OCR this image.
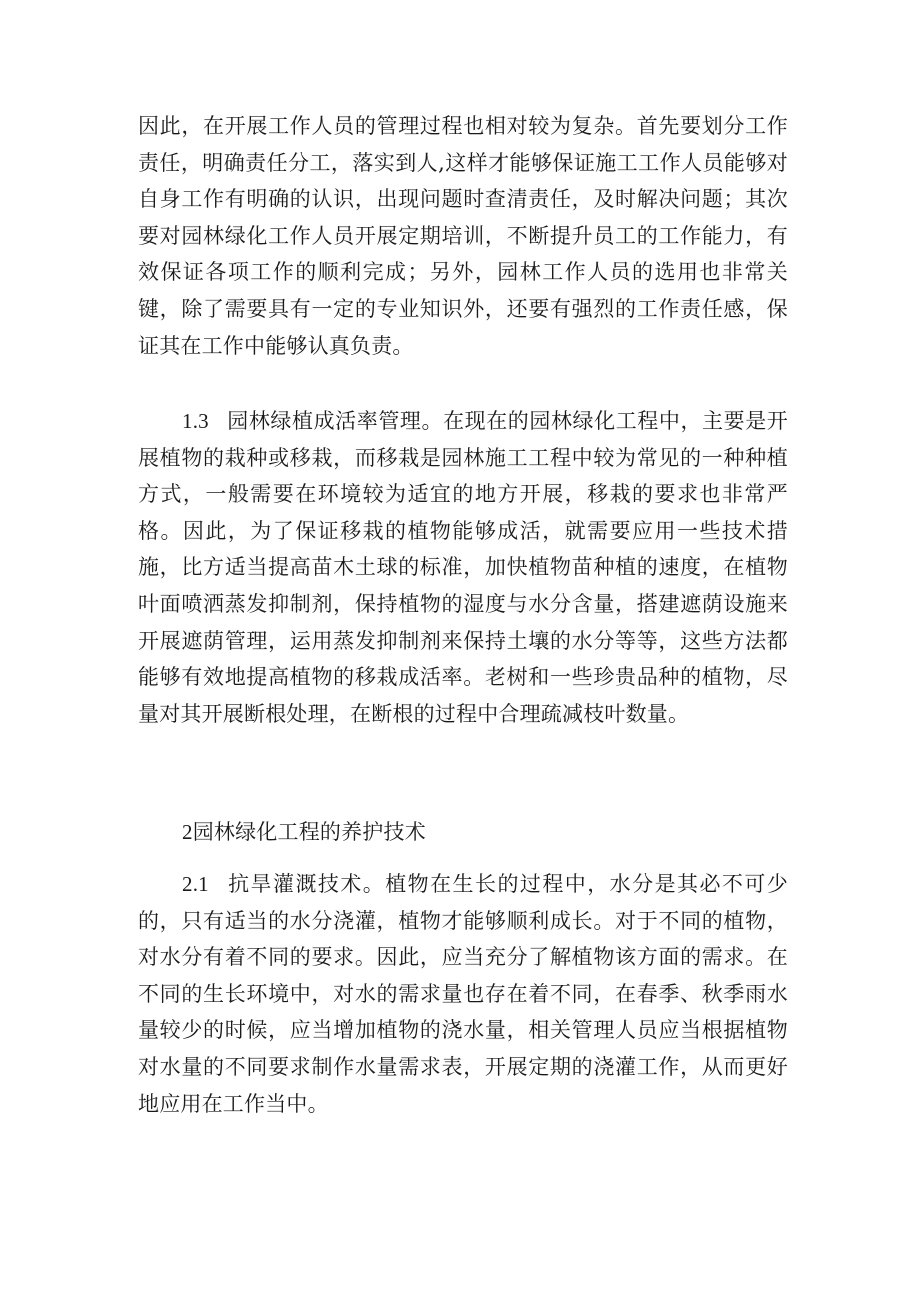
因此，在开展工作人员的管理过程也相对较为复杂。首先要划分工作责任，明确责任分工，落实到人,这样才能够保证施工工作人员能够对自身工作有明确的认识，出现问题时查清责任，及时解决问题；其次要对园林绿化工作人员开展定期培训，不断提升员工的工作能力，有效保证各项工作的顺利完成；另外，园林工作人员的选用也非常关键，除了需要具有一定的专业知识外，还要有强烈的工作责任感，保证其在工作中能够认真负责。

1.3 园林绿植成活率管理。在现在的园林绿化工程中，主要是开展植物的栽种或移栽，而移栽是园林施工工程中较为常见的一种种植方式，一般需要在环境较为适宜的地方开展，移栽的要求也非常严格。因此，为了保证移栽的植物能够成活，就需要应用一些技术措施，比方适当提高苗木土球的标准，加快植物苗种植的速度，在植物叶面喷洒蒸发抑制剂，保持植物的湿度与水分含量，搭建遮荫设施来开展遮荫管理，运用蒸发抑制剂来保持土壤的水分等等，这些方法都能够有效地提高植物的移栽成活率。老树和一些珍贵品种的植物，尽量对其开展断根处理，在断根的过程中合理疏减枝叶数量。

2园林绿化工程的养护技术

2.1 抗旱灌溉技术。植物在生长的过程中，水分是其必不可少的，只有适当的水分浇灌，植物才能够顺利成长。对于不同的植物，对水分有着不同的要求。因此，应当充分了解植物该方面的需求。在不同的生长环境中，对水的需求量也存在着不同，在春季、秋季雨水量较少的时候，应当增加植物的浇水量，相关管理人员应当根据植物对水量的不同要求制作水量需求表，开展定期的浇灌工作，从而更好地应用在工作当中。
